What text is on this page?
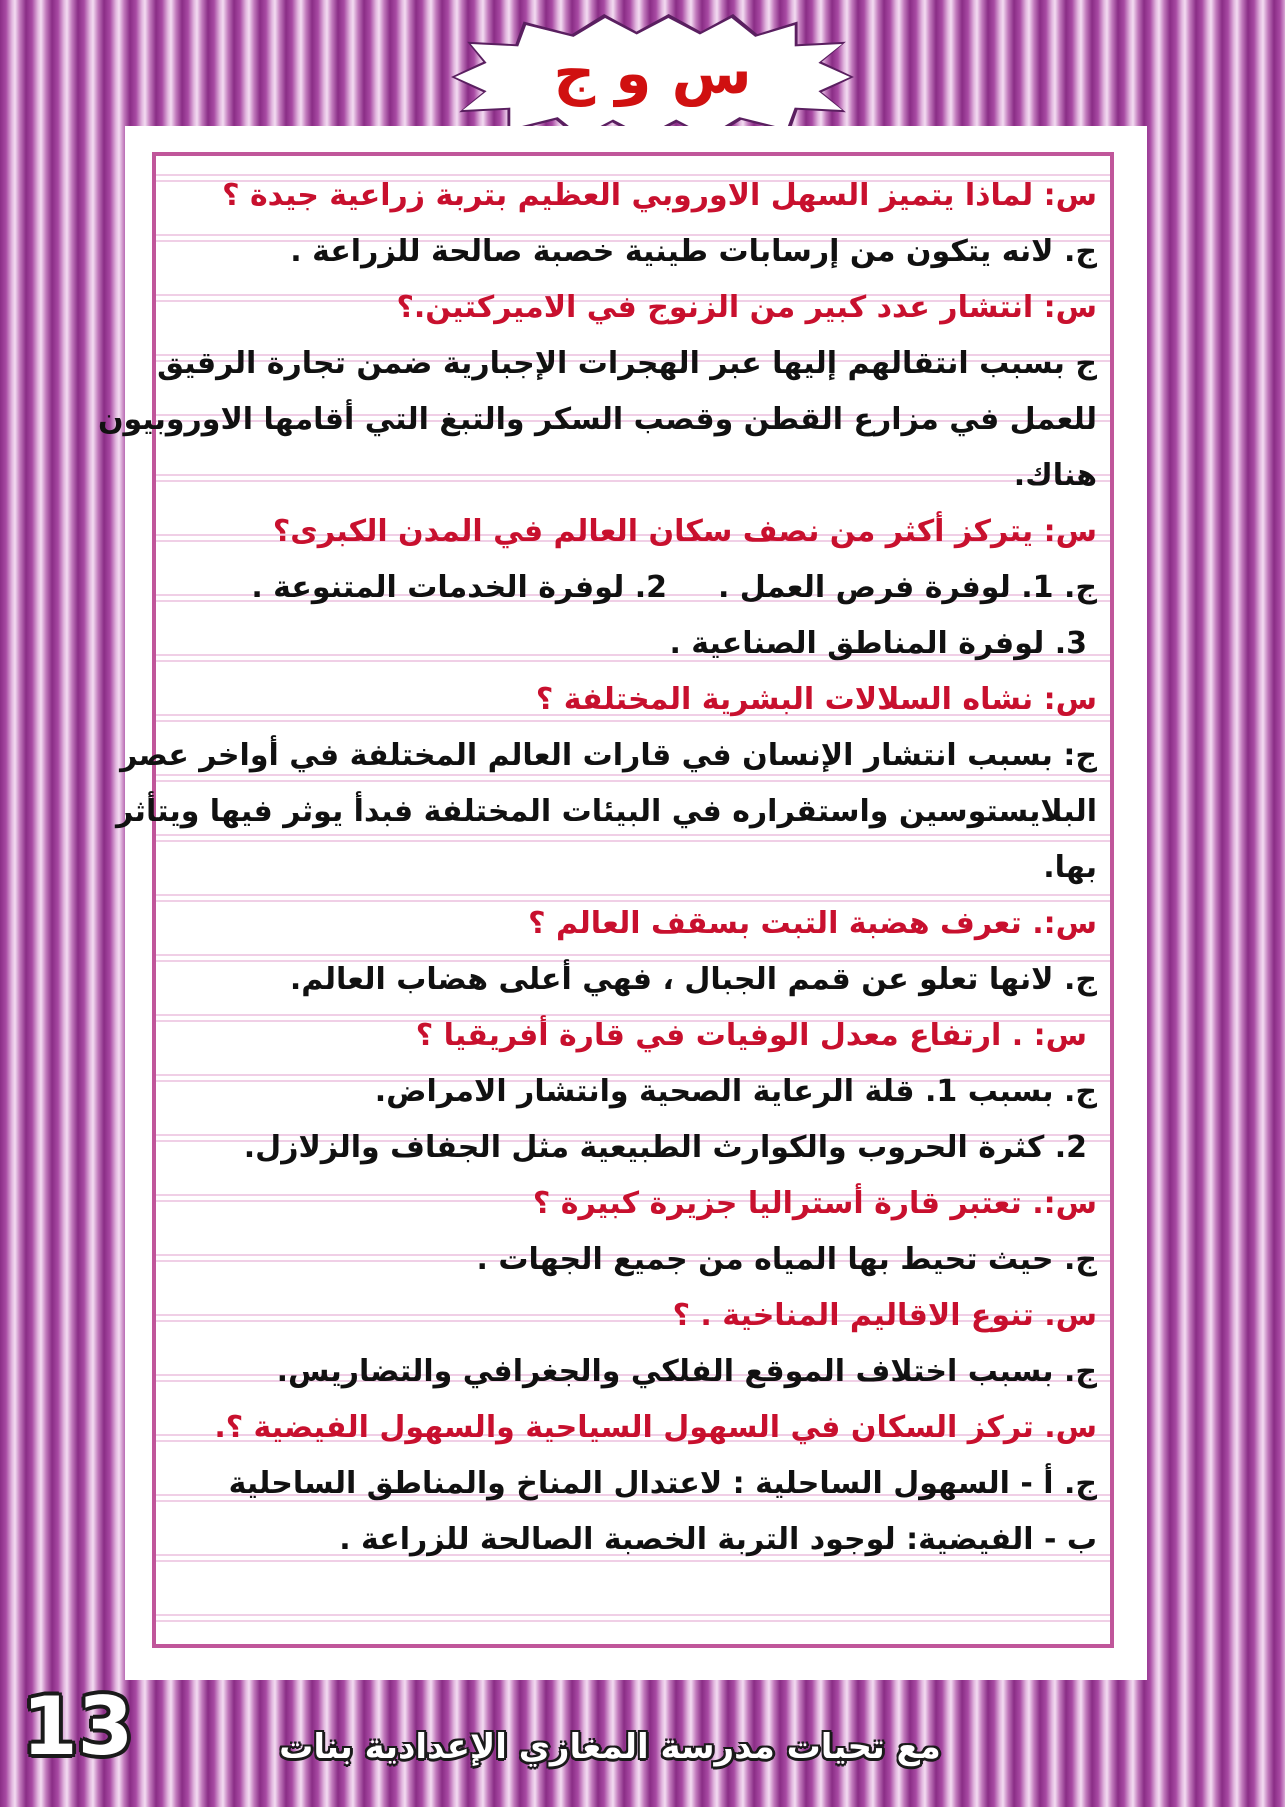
س و ج
س: لماذا يتميز السهل الاوروبي العظيم بتربة زراعية جيدة ؟
ج. لانه يتكون من إرسابات طينية خصبة صالحة للزراعة .
س: انتشار عدد كبير من الزنوج في الاميركتين.؟
ج بسبب انتقالهم إليها عبر الهجرات الإجبارية ضمن تجارة الرقيق
للعمل في مزارع القطن وقصب السكر والتبغ التي أقامها الاوروبيون
هناك.
س: يتركز أكثر من نصف سكان العالم في المدن الكبرى؟
ج. 1. لوفرة فرص العمل .
2. لوفرة الخدمات المتنوعة .
3. لوفرة المناطق الصناعية .
س: نشاه السلالات البشرية المختلفة ؟
ج: بسبب انتشار الإنسان في قارات العالم المختلفة في أواخر عصر
البلايستوسين واستقراره في البيئات المختلفة فبدأ يوثر فيها ويتأثر
بها.
س:. تعرف هضبة التبت بسقف العالم ؟
ج. لانها تعلو عن قمم الجبال ، فهي أعلى هضاب العالم.
س: . ارتفاع معدل الوفيات في قارة أفريقيا ؟
ج. بسبب 1. قلة الرعاية الصحية وانتشار الامراض.
2. كثرة الحروب والكوارث الطبيعية مثل الجفاف والزلازل.
س:. تعتبر قارة أستراليا جزيرة كبيرة ؟
ج. حيث تحيط بها المياه من جميع الجهات .
س. تنوع الاقاليم المناخية . ؟
ج. بسبب اختلاف الموقع الفلكي والجغرافي والتضاريس.
س. تركز السكان في السهول السياحية والسهول الفيضية ؟.
ج. أ - السهول الساحلية : لاعتدال المناخ والمناطق الساحلية
ب - الفيضية: لوجود التربة الخصبة الصالحة للزراعة .
13	مع تحيات مدرسة المغازي الإعدادية بنات
